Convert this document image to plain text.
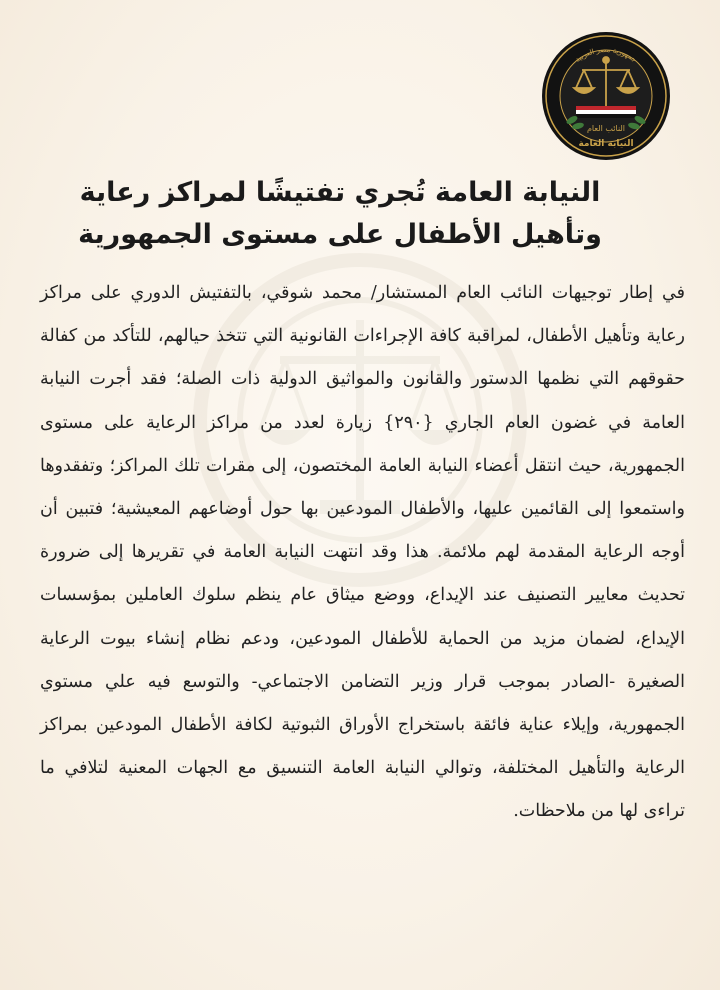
جمهورية مصر العربية
النائب العام
النيابة العامة
النيابة العامة تُجري تفتيشًا لمراكز رعاية وتأهيل الأطفال على مستوى الجمهورية

في إطار توجيهات النائب العام المستشار/ محمد شوقي، بالتفتيش الدوري على مراكز رعاية وتأهيل الأطفال، لمراقبة كافة الإجراءات القانونية التي تتخذ حيالهم، للتأكد من كفالة حقوقهم التي نظمها الدستور والقانون والمواثيق الدولية ذات الصلة؛ فقد أجرت النيابة العامة في غضون العام الجاري {٢٩٠} زيارة لعدد من مراكز الرعاية على مستوى الجمهورية، حيث انتقل أعضاء النيابة العامة المختصون، إلى مقرات تلك المراكز؛ وتفقدوها واستمعوا إلى القائمين عليها، والأطفال المودعين بها حول أوضاعهم المعيشية؛ فتبين أن أوجه الرعاية المقدمة لهم ملائمة. هذا وقد انتهت النيابة العامة في تقريرها إلى ضرورة تحديث معايير التصنيف عند الإيداع، ووضع ميثاق عام ينظم سلوك العاملين بمؤسسات الإيداع، لضمان مزيد من الحماية للأطفال المودعين، ودعم نظام إنشاء بيوت الرعاية الصغيرة -الصادر بموجب قرار وزير التضامن الاجتماعي- والتوسع فيه علي مستوي الجمهورية، وإيلاء عناية فائقة باستخراج الأوراق الثبوتية لكافة الأطفال المودعين بمراكز الرعاية والتأهيل المختلفة، وتوالي النيابة العامة التنسيق مع الجهات المعنية لتلافي ما تراءى لها من ملاحظات.
